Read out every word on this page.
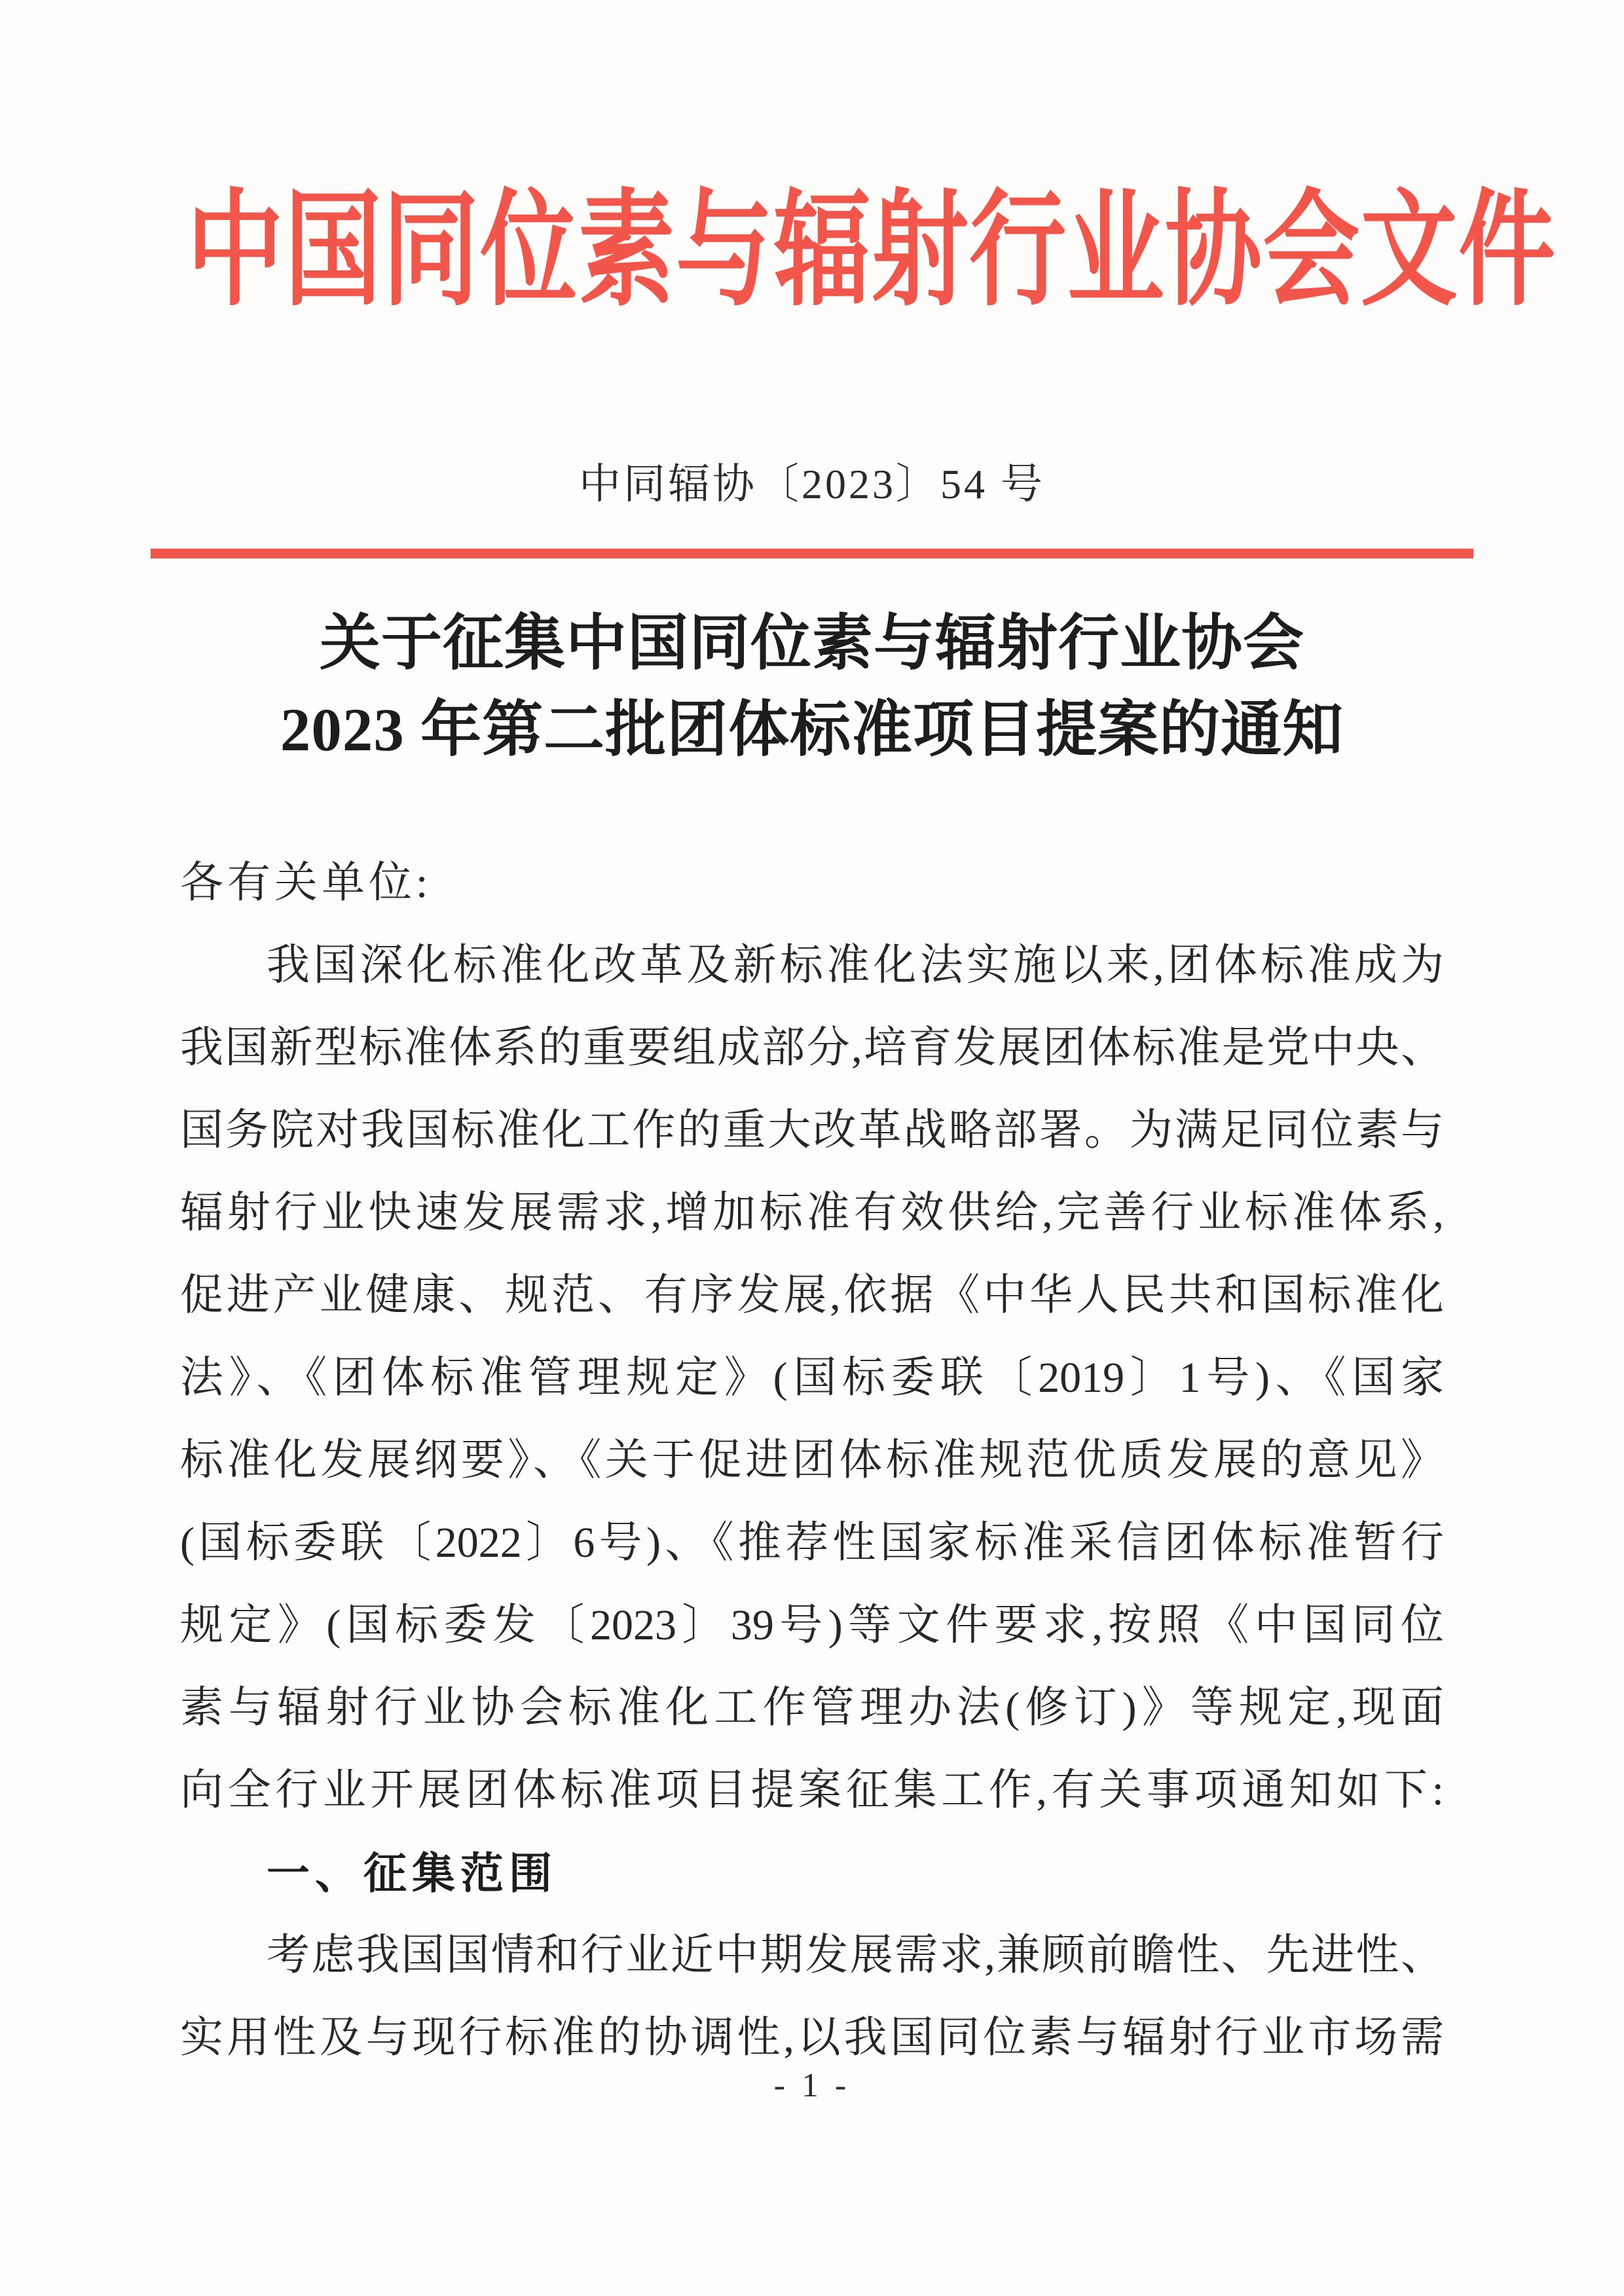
中国同位素与辐射行业协会文件
中同辐协〔2023〕54 号
关于征集中国同位素与辐射行业协会
2023 年第二批团体标准项目提案的通知
各有关单位:
我国深化标准化改革及新标准化法实施以来,团体标准成为
我国新型标准体系的重要组成部分,培育发展团体标准是党中央、
国务院对我国标准化工作的重大改革战略部署。为满足同位素与
辐射行业快速发展需求,增加标准有效供给,完善行业标准体系,
促进产业健康、规范、有序发展,依据《中华人民共和国标准化
法》、《团体标准管理规定》(国标委联〔2019〕1号)、《国家
标准化发展纲要》、《关于促进团体标准规范优质发展的意见》
(国标委联〔2022〕6号)、《推荐性国家标准采信团体标准暂行
规定》(国标委发〔2023〕39号)等文件要求,按照《中国同位
素与辐射行业协会标准化工作管理办法(修订)》等规定,现面
向全行业开展团体标准项目提案征集工作,有关事项通知如下:
一、征集范围
考虑我国国情和行业近中期发展需求,兼顾前瞻性、先进性、
实用性及与现行标准的协调性,以我国同位素与辐射行业市场需
- 1 -
